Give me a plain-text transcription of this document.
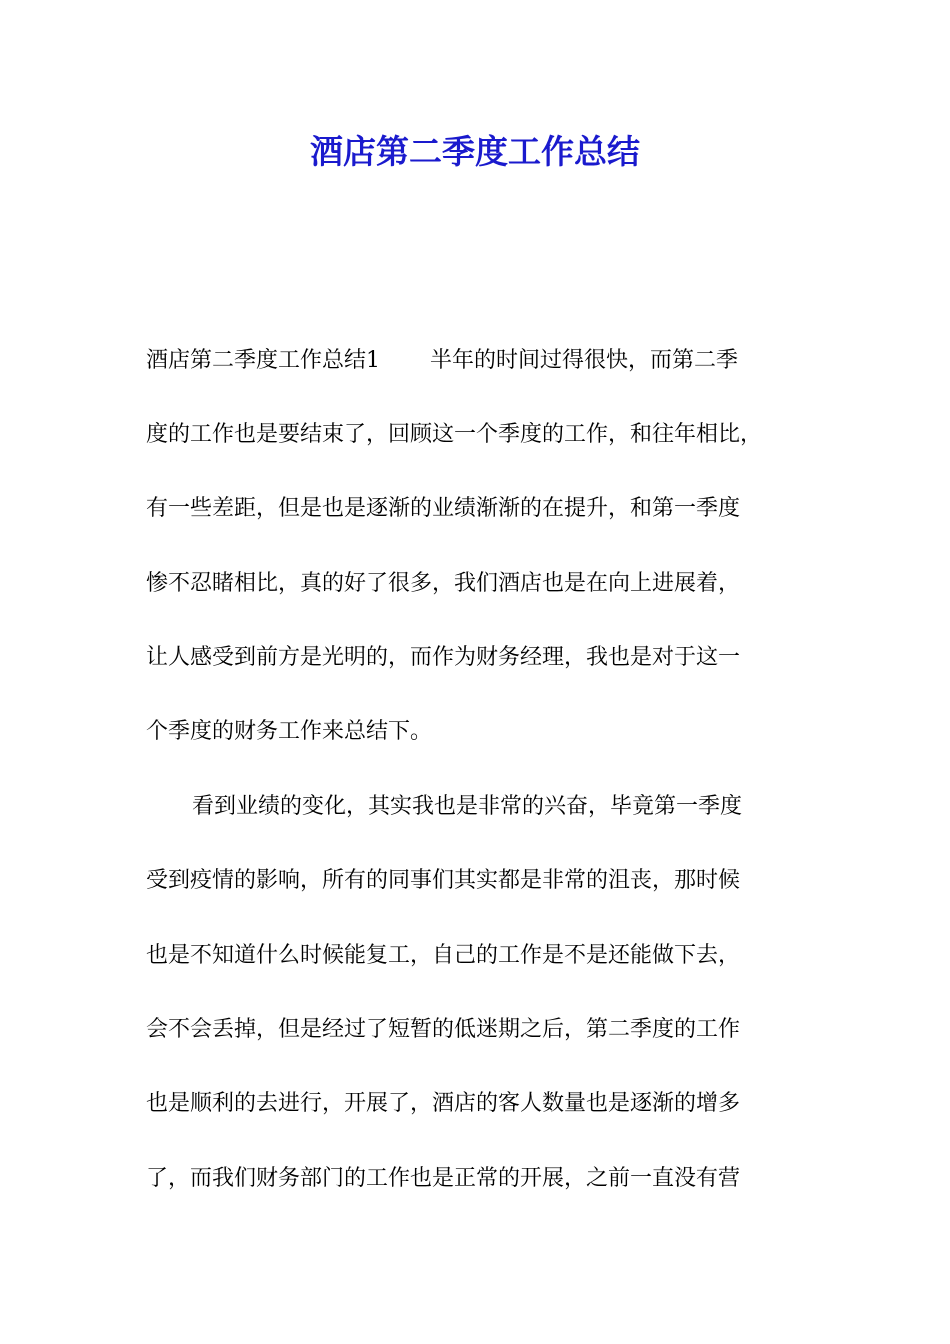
酒店第二季度工作总结

酒店第二季度工作总结1 半年的时间过得很快，而第二季

度的工作也是要结束了，回顾这一个季度的工作，和往年相比，

有一些差距，但是也是逐渐的业绩渐渐的在提升，和第一季度

惨不忍睹相比，真的好了很多，我们酒店也是在向上进展着，

让人感受到前方是光明的，而作为财务经理，我也是对于这一

个季度的财务工作来总结下。

看到业绩的变化，其实我也是非常的兴奋，毕竟第一季度

受到疫情的影响，所有的同事们其实都是非常的沮丧，那时候

也是不知道什么时候能复工，自己的工作是不是还能做下去，

会不会丢掉，但是经过了短暂的低迷期之后，第二季度的工作

也是顺利的去进行，开展了，酒店的客人数量也是逐渐的增多

了，而我们财务部门的工作也是正常的开展，之前一直没有营
